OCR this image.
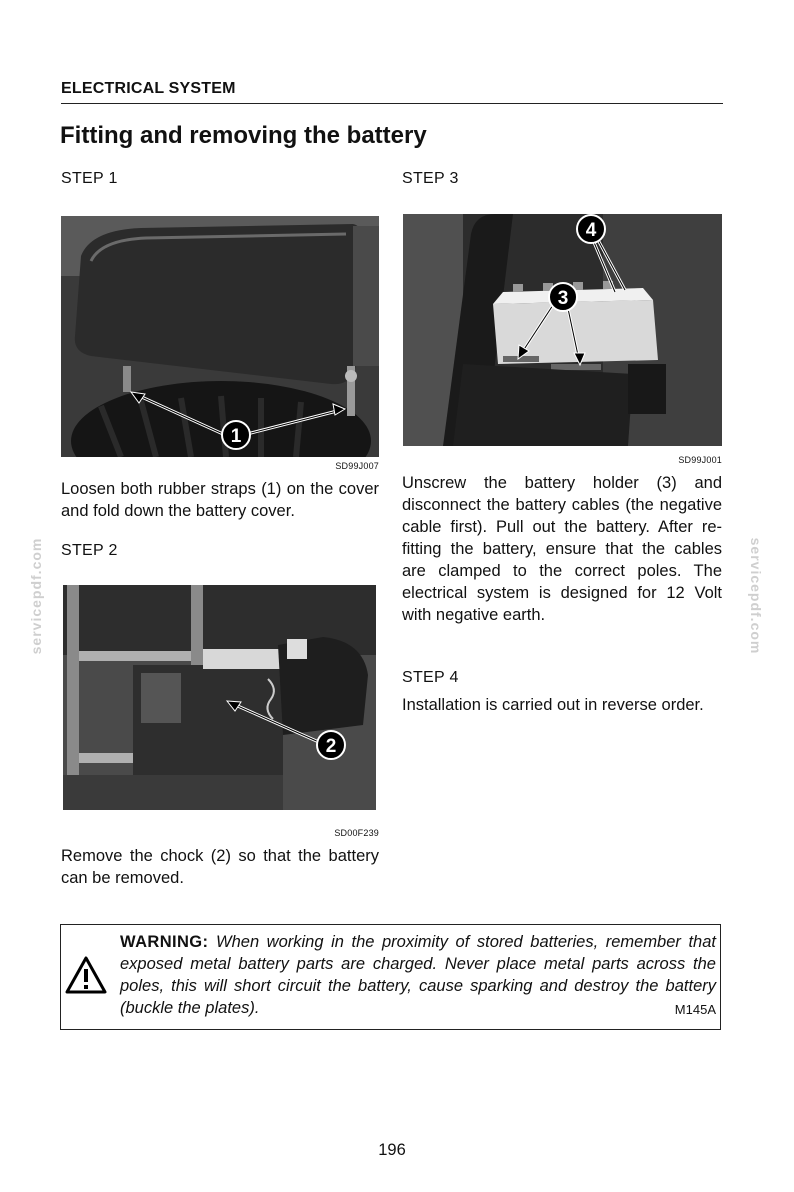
ELECTRICAL SYSTEM
Fitting and removing the battery
servicepdf.com	servicepdf.com
STEP 1
1
SD99J007
Loosen both rubber straps (1) on the cover and fold down the battery cover.
STEP 2
2
SD00F239
Remove the chock (2) so that the battery can be removed.
STEP 3
4
3
SD99J001
Unscrew the battery holder (3) and disconnect the battery cables (the negative cable first). Pull out the battery. After re-fitting the battery, ensure that the cables are clamped to the correct poles. The electrical system is designed for 12 Volt with negative earth.
STEP 4
Installation is carried out in reverse order.
WARNING: When working in the proximity of stored batteries, remember that exposed metal battery parts are charged. Never place metal parts across the poles, this will short circuit the battery, cause sparking and destroy the battery (buckle the plates).	M145A
196
